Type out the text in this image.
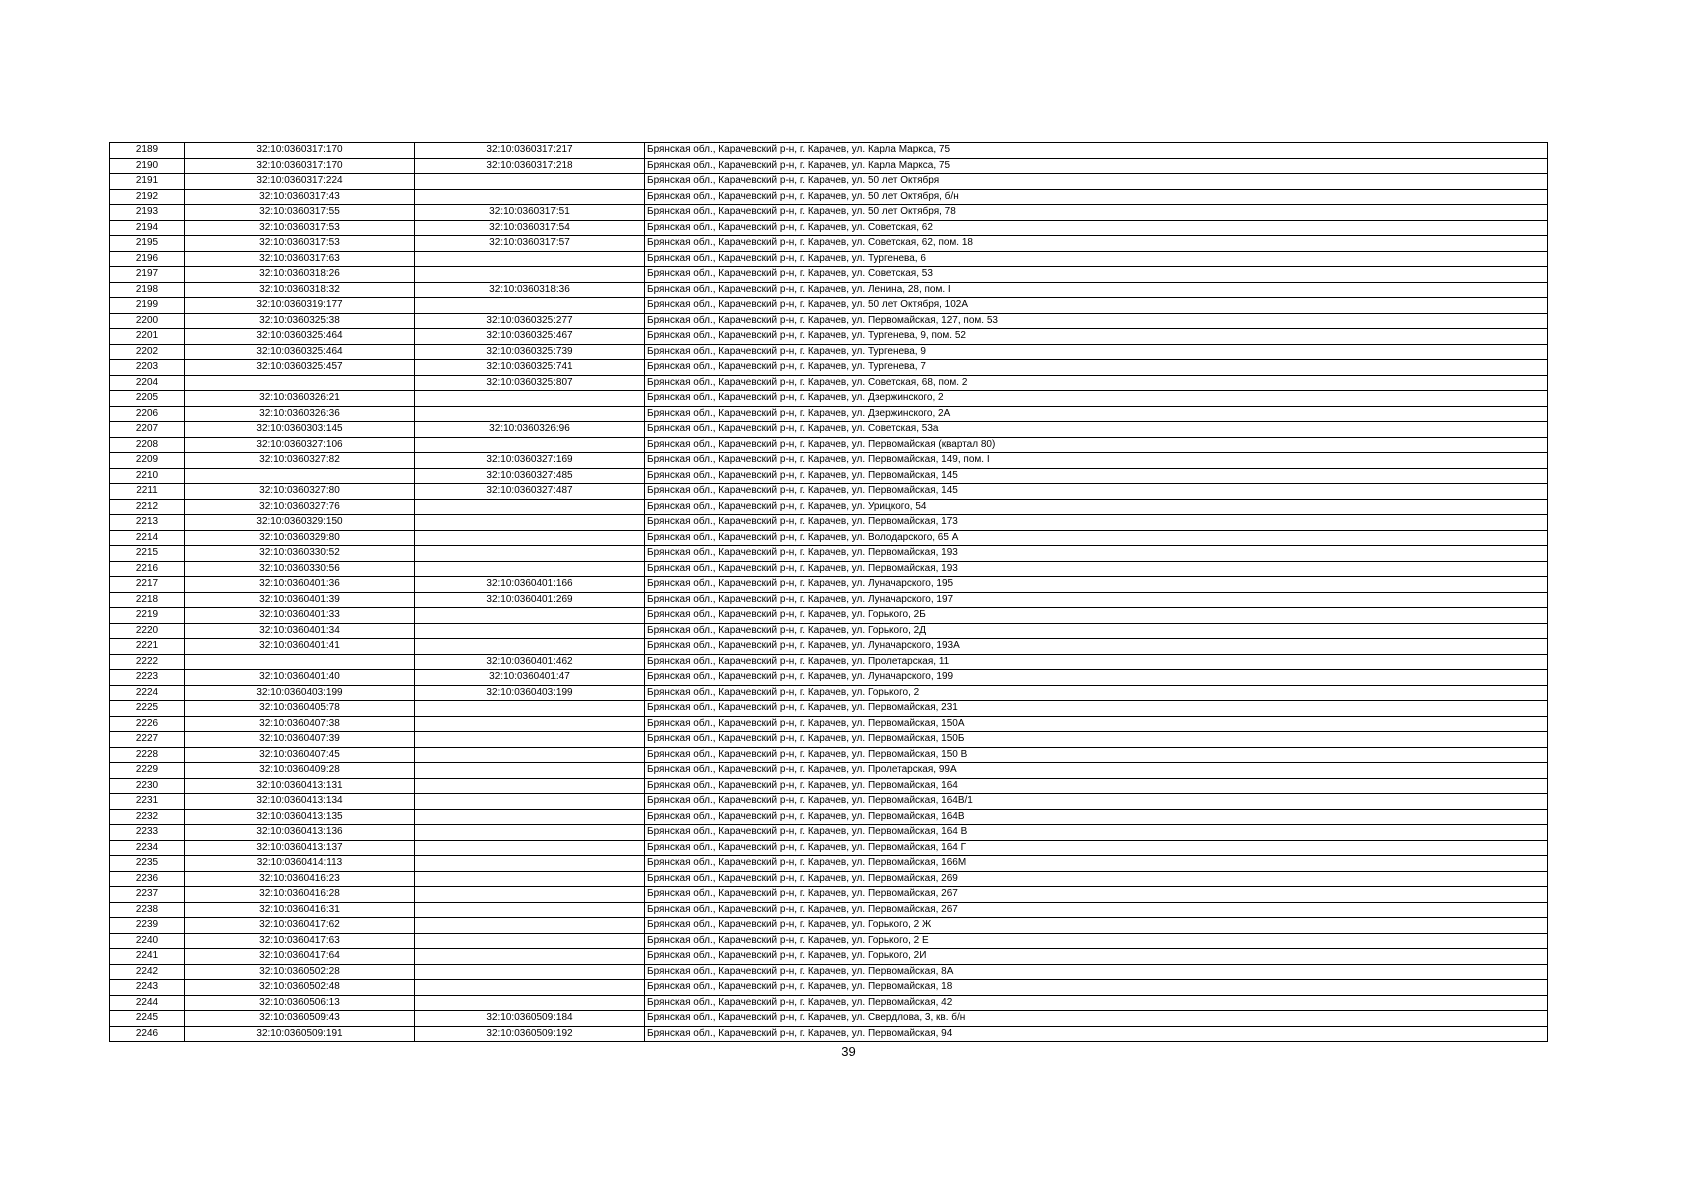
2189	32:10:0360317:170	32:10:0360317:217	Брянская обл., Карачевский р-н, г. Карачев, ул. Карла Маркса, 75
2190	32:10:0360317:170	32:10:0360317:218	Брянская обл., Карачевский р-н, г. Карачев, ул. Карла Маркса, 75
2191	32:10:0360317:224		Брянская обл., Карачевский р-н, г. Карачев, ул. 50 лет Октября
2192	32:10:0360317:43		Брянская обл., Карачевский р-н, г. Карачев, ул. 50 лет Октября, б/н
2193	32:10:0360317:55	32:10:0360317:51	Брянская обл., Карачевский р-н, г. Карачев, ул. 50 лет Октября, 78
2194	32:10:0360317:53	32:10:0360317:54	Брянская обл., Карачевский р-н, г. Карачев, ул. Советская, 62
2195	32:10:0360317:53	32:10:0360317:57	Брянская обл., Карачевский р-н, г. Карачев, ул. Советская, 62, пом. 18
2196	32:10:0360317:63		Брянская обл., Карачевский р-н, г. Карачев, ул. Тургенева, 6
2197	32:10:0360318:26		Брянская обл., Карачевский р-н, г. Карачев, ул. Советская, 53
2198	32:10:0360318:32	32:10:0360318:36	Брянская обл., Карачевский р-н, г. Карачев, ул. Ленина, 28, пом. I
2199	32:10:0360319:177		Брянская обл., Карачевский р-н, г. Карачев, ул. 50 лет Октября, 102А
2200	32:10:0360325:38	32:10:0360325:277	Брянская обл., Карачевский р-н, г. Карачев, ул. Первомайская, 127, пом. 53
2201	32:10:0360325:464	32:10:0360325:467	Брянская обл., Карачевский р-н, г. Карачев, ул. Тургенева, 9, пом. 52
2202	32:10:0360325:464	32:10:0360325:739	Брянская обл., Карачевский р-н, г. Карачев, ул. Тургенева, 9
2203	32:10:0360325:457	32:10:0360325:741	Брянская обл., Карачевский р-н, г. Карачев, ул. Тургенева, 7
2204		32:10:0360325:807	Брянская обл., Карачевский р-н, г. Карачев, ул. Советская, 68, пом. 2
2205	32:10:0360326:21		Брянская обл., Карачевский р-н, г. Карачев, ул. Дзержинского, 2
2206	32:10:0360326:36		Брянская обл., Карачевский р-н, г. Карачев, ул. Дзержинского, 2А
2207	32:10:0360303:145	32:10:0360326:96	Брянская обл., Карачевский р-н, г. Карачев, ул. Советская, 53а
2208	32:10:0360327:106		Брянская обл., Карачевский р-н, г. Карачев, ул. Первомайская (квартал 80)
2209	32:10:0360327:82	32:10:0360327:169	Брянская обл., Карачевский р-н, г. Карачев, ул. Первомайская, 149, пом. I
2210		32:10:0360327:485	Брянская обл., Карачевский р-н, г. Карачев, ул. Первомайская, 145
2211	32:10:0360327:80	32:10:0360327:487	Брянская обл., Карачевский р-н, г. Карачев, ул. Первомайская, 145
2212	32:10:0360327:76		Брянская обл., Карачевский р-н, г. Карачев, ул. Урицкого, 54
2213	32:10:0360329:150		Брянская обл., Карачевский р-н, г. Карачев, ул. Первомайская, 173
2214	32:10:0360329:80		Брянская обл., Карачевский р-н, г. Карачев, ул. Володарского, 65 А
2215	32:10:0360330:52		Брянская обл., Карачевский р-н, г. Карачев, ул. Первомайская, 193
2216	32:10:0360330:56		Брянская обл., Карачевский р-н, г. Карачев, ул. Первомайская, 193
2217	32:10:0360401:36	32:10:0360401:166	Брянская обл., Карачевский р-н, г. Карачев, ул. Луначарского, 195
2218	32:10:0360401:39	32:10:0360401:269	Брянская обл., Карачевский р-н, г. Карачев, ул. Луначарского, 197
2219	32:10:0360401:33		Брянская обл., Карачевский р-н, г. Карачев, ул. Горького, 2Б
2220	32:10:0360401:34		Брянская обл., Карачевский р-н, г. Карачев, ул. Горького, 2Д
2221	32:10:0360401:41		Брянская обл., Карачевский р-н, г. Карачев, ул. Луначарского, 193А
2222		32:10:0360401:462	Брянская обл., Карачевский р-н, г. Карачев, ул. Пролетарская, 11
2223	32:10:0360401:40	32:10:0360401:47	Брянская обл., Карачевский р-н, г. Карачев, ул. Луначарского, 199
2224	32:10:0360403:199	32:10:0360403:199	Брянская обл., Карачевский р-н, г. Карачев, ул. Горького, 2
2225	32:10:0360405:78		Брянская обл., Карачевский р-н, г. Карачев, ул. Первомайская, 231
2226	32:10:0360407:38		Брянская обл., Карачевский р-н, г. Карачев, ул. Первомайская, 150А
2227	32:10:0360407:39		Брянская обл., Карачевский р-н, г. Карачев, ул. Первомайская, 150Б
2228	32:10:0360407:45		Брянская обл., Карачевский р-н, г. Карачев, ул. Первомайская, 150 В
2229	32:10:0360409:28		Брянская обл., Карачевский р-н, г. Карачев, ул. Пролетарская, 99А
2230	32:10:0360413:131		Брянская обл., Карачевский р-н, г. Карачев, ул. Первомайская, 164
2231	32:10:0360413:134		Брянская обл., Карачевский р-н, г. Карачев, ул. Первомайская, 164В/1
2232	32:10:0360413:135		Брянская обл., Карачевский р-н, г. Карачев, ул. Первомайская, 164В
2233	32:10:0360413:136		Брянская обл., Карачевский р-н, г. Карачев, ул. Первомайская, 164 В
2234	32:10:0360413:137		Брянская обл., Карачевский р-н, г. Карачев, ул. Первомайская, 164 Г
2235	32:10:0360414:113		Брянская обл., Карачевский р-н, г. Карачев, ул. Первомайская, 166М
2236	32:10:0360416:23		Брянская обл., Карачевский р-н, г. Карачев, ул. Первомайская, 269
2237	32:10:0360416:28		Брянская обл., Карачевский р-н, г. Карачев, ул. Первомайская, 267
2238	32:10:0360416:31		Брянская обл., Карачевский р-н, г. Карачев, ул. Первомайская, 267
2239	32:10:0360417:62		Брянская обл., Карачевский р-н, г. Карачев, ул. Горького, 2 Ж
2240	32:10:0360417:63		Брянская обл., Карачевский р-н, г. Карачев, ул. Горького, 2 Е
2241	32:10:0360417:64		Брянская обл., Карачевский р-н, г. Карачев, ул. Горького, 2И
2242	32:10:0360502:28		Брянская обл., Карачевский р-н, г. Карачев, ул. Первомайская, 8А
2243	32:10:0360502:48		Брянская обл., Карачевский р-н, г. Карачев, ул. Первомайская, 18
2244	32:10:0360506:13		Брянская обл., Карачевский р-н, г. Карачев, ул. Первомайская, 42
2245	32:10:0360509:43	32:10:0360509:184	Брянская обл., Карачевский р-н, г. Карачев, ул. Свердлова, 3, кв. б/н
2246	32:10:0360509:191	32:10:0360509:192	Брянская обл., Карачевский р-н, г. Карачев, ул. Первомайская, 94
39
